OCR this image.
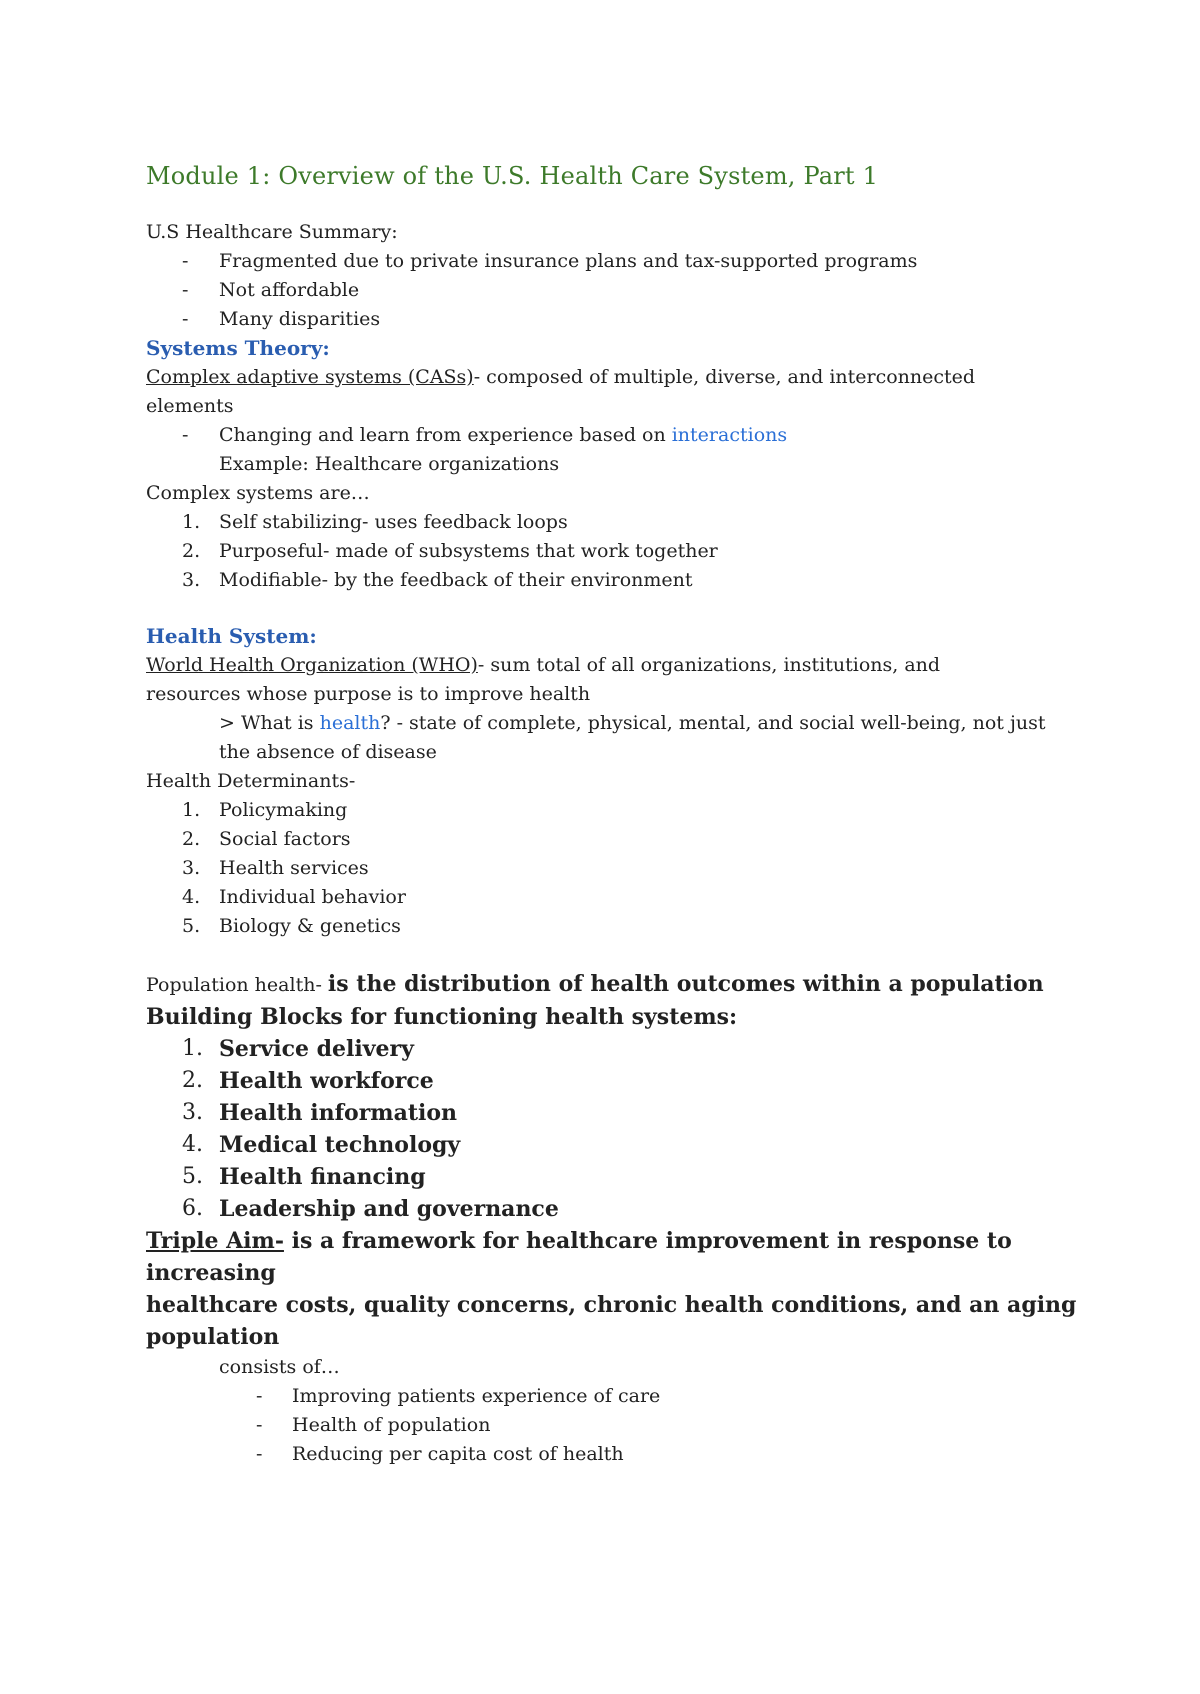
Module 1: Overview of the U.S. Health Care System, Part 1

U.S Healthcare Summary:

- Fragmented due to private insurance plans and tax-supported programs
- Not affordable
- Many disparities

Systems Theory:

Complex adaptive systems (CASs)- composed of multiple, diverse, and interconnected

elements

- Changing and learn from experience based on interactions

Example: Healthcare organizations

Complex systems are…

1. Self stabilizing- uses feedback loops
2. Purposeful- made of subsystems that work together
3. Modifiable- by the feedback of their environment

Health System:

World Health Organization (WHO)- sum total of all organizations, institutions, and

resources whose purpose is to improve health

> What is health? - state of complete, physical, mental, and social well-being, not just

the absence of disease

Health Determinants-

1. Policymaking
2. Social factors
3. Health services
4. Individual behavior
5. Biology & genetics

Population health- is the distribution of health outcomes within a population

Building Blocks for functioning health systems:

1. Service delivery
2. Health workforce
3. Health information
4. Medical technology
5. Health financing
6. Leadership and governance

Triple Aim- is a framework for healthcare improvement in response to increasing

healthcare costs, quality concerns, chronic health conditions, and an aging

population

consists of…

- Improving patients experience of care
- Health of population
- Reducing per capita cost of health
